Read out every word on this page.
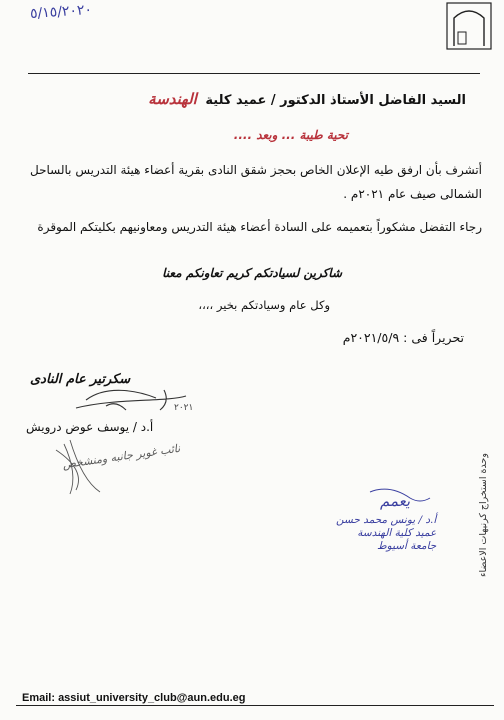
٥/١٥/٢٠٢٠
السيد الفاضل الأستاذ الدكتور / عميد كلية الهندسة
تحية طيبة ... وبعد ....
أتشرف بأن ارفق طيه الإعلان الخاص بحجز شقق النادى بقرية أعضاء هيئة التدريس بالساحل الشمالى صيف عام ٢٠٢١م .
رجاء التفضل مشكوراً بتعميمه على السادة أعضاء هيئة التدريس ومعاونيهم بكليتكم الموقرة
شاكرين لسيادتكم كريم تعاونكم معنا
وكل عام وسيادتكم بخير ،،،،
تحريراً فى : ٢٠٢١/٥/٩م
وحدة استخراج كرنيهات الاعضاء
سكرتير عام النادى
٢٠٢١
أ.د / يوسف عوض درويش
نائب غوير جانبه ومنشخص
يعمم
أ.د / يونس محمد حسن
عميد كلية الهندسة
جامعة أسيوط
Email: assiut_university_club@aun.edu.eg
